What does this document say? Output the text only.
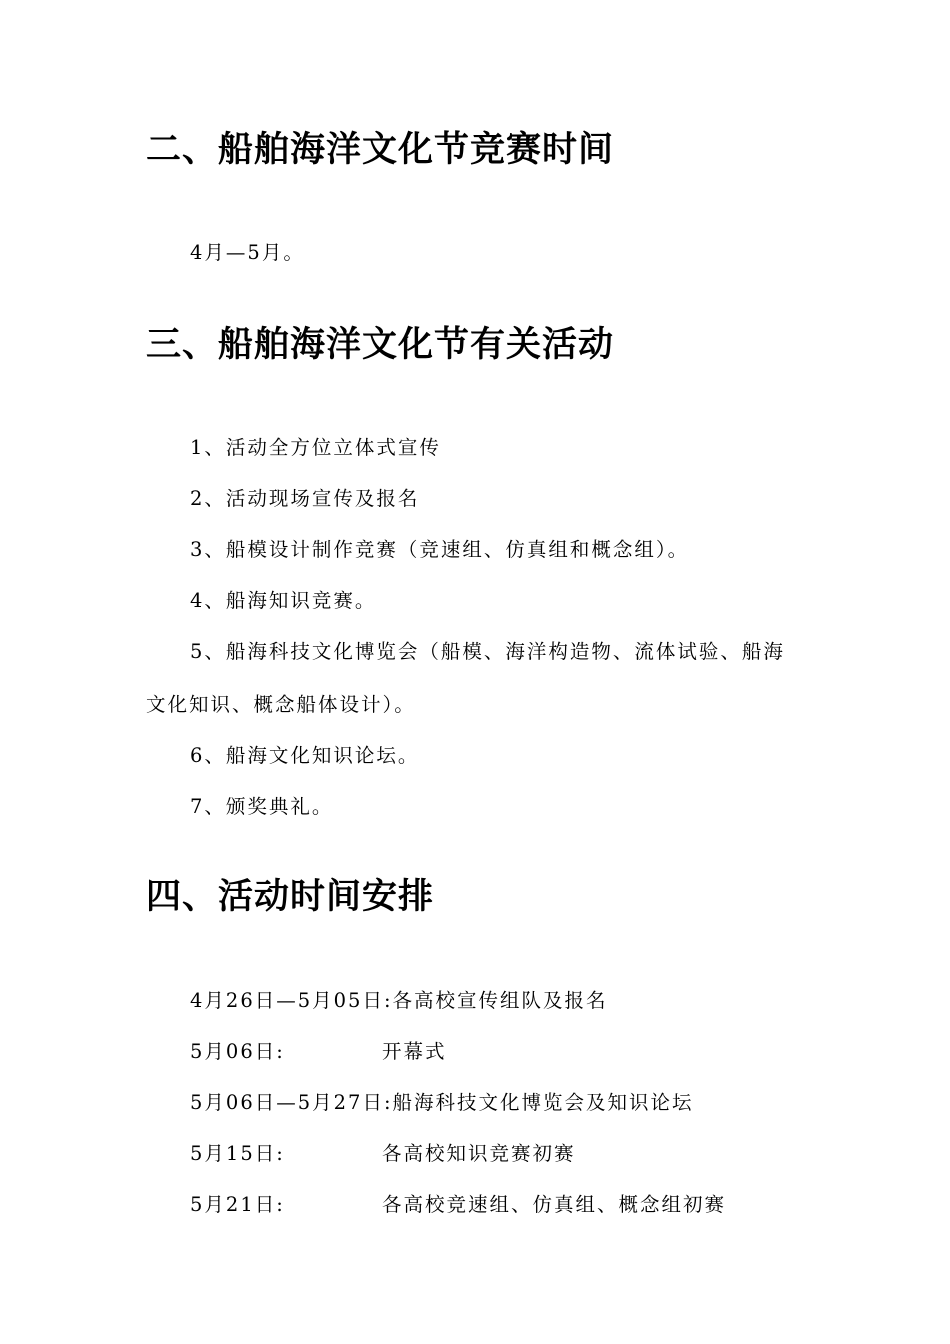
二、船舶海洋文化节竞赛时间

4月—5月。

三、船舶海洋文化节有关活动

1、活动全方位立体式宣传

2、活动现场宣传及报名

3、船模设计制作竞赛（竞速组、仿真组和概念组）。

4、船海知识竞赛。

5、船海科技文化博览会（船模、海洋构造物、流体试验、船海

文化知识、概念船体设计）。

6、船海文化知识论坛。

7、颁奖典礼。

四、活动时间安排
4月26日—5月05日:各高校宣传组队及报名
5月06日:	开幕式
5月06日—5月27日:船海科技文化博览会及知识论坛
5月15日:	各高校知识竞赛初赛
5月21日:	各高校竞速组、仿真组、概念组初赛
